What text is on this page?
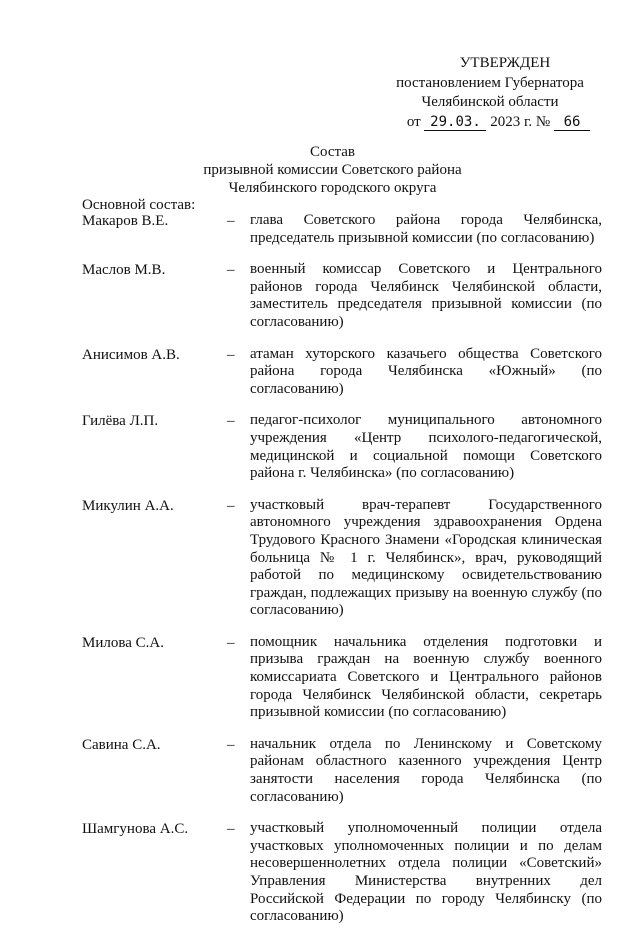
УТВЕРЖДЕН
постановлением Губернатора
Челябинской области
от 29.03. 2023 г. № 66
Состав
призывной комиссии Советского района
Челябинского городского округа
Основной состав:
Макаров В.Е.	–	глава Советского района города Челябинска, председатель призывной комиссии (по согласованию)
Маслов М.В.	–	военный комиссар Советского и Центрального районов города Челябинск Челябинской области, заместитель председателя призывной комиссии (по согласованию)
Анисимов А.В.	–	атаман хуторского казачьего общества Советского района города Челябинска «Южный» (по согласованию)
Гилёва Л.П.	–	педагог-психолог муниципального автономного учреждения «Центр психолого-педагогической, медицинской и социальной помощи Советского района г. Челябинска» (по согласованию)
Микулин А.А.	–	участковый врач-терапевт Государственного автономного учреждения здравоохранения Ордена Трудового Красного Знамени «Городская клиническая больница № 1 г. Челябинск», врач, руководящий работой по медицинскому освидетельствованию граждан, подлежащих призыву на военную службу (по согласованию)
Милова С.А.	–	помощник начальника отделения подготовки и призыва граждан на военную службу военного комиссариата Советского и Центрального районов города Челябинск Челябинской области, секретарь призывной комиссии (по согласованию)
Савина С.А.	–	начальник отдела по Ленинскому и Советскому районам областного казенного учреждения Центр занятости населения города Челябинска (по согласованию)
Шамгунова А.С.	–	участковый уполномоченный полиции отдела участковых уполномоченных полиции и по делам несовершеннолетних отдела полиции «Советский» Управления Министерства внутренних дел Российской Федерации по городу Челябинску (по согласованию)
